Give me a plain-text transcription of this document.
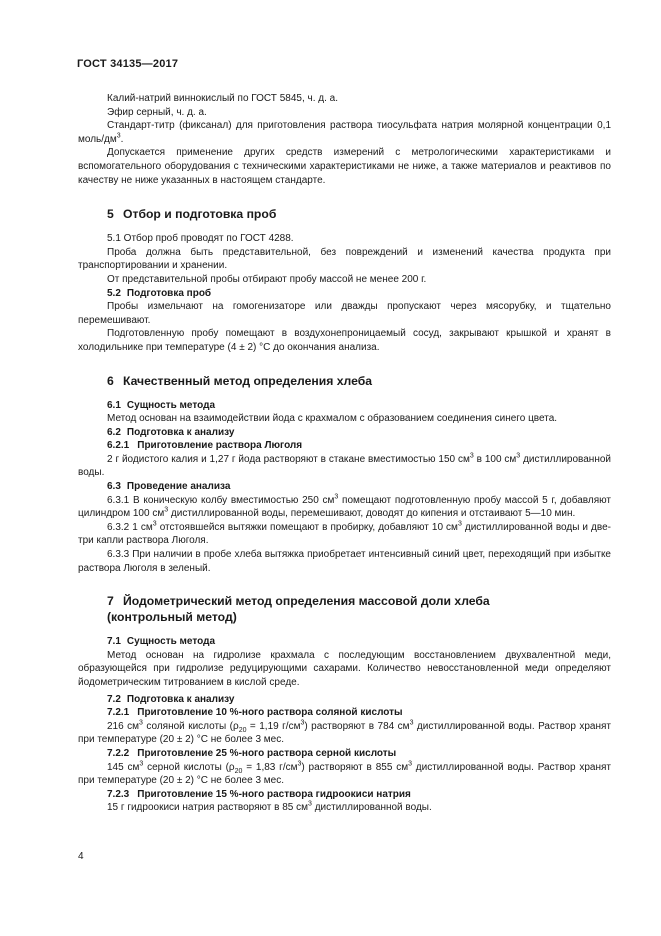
ГОСТ 34135—2017

Калий-натрий виннокислый по ГОСТ 5845, ч. д. а.

Эфир серный, ч. д. а.

Стандарт-титр (фиксанал) для приготовления раствора тиосульфата натрия молярной концентрации 0,1 моль/$дм^3$.

Допускается применение других средств измерений с метрологическими характеристиками и вспомогательного оборудования с техническими характеристиками не ниже, а также материалов и реактивов по качеству не ниже указанных в настоящем стандарте.

5 Отбор и подготовка проб

5.1 Отбор проб проводят по ГОСТ 4288.

Проба должна быть представительной, без повреждений и изменений качества продукта при транспортировании и хранении.

От представительной пробы отбирают пробу массой не менее 200 г.

5.2 Подготовка проб

Пробы измельчают на гомогенизаторе или дважды пропускают через мясорубку, и тщательно перемешивают.

Подготовленную пробу помещают в воздухонепроницаемый сосуд, закрывают крышкой и хранят в холодильнике при температуре (4 ± 2) °С до окончания анализа.

6 Качественный метод определения хлеба

6.1 Сущность метода

Метод основан на взаимодействии йода с крахмалом с образованием соединения синего цвета.

6.2 Подготовка к анализу

6.2.1 Приготовление раствора Люголя

2 г йодистого калия и 1,27 г йода растворяют в стакане вместимостью 150 $см^3$ в 100 $см^3$ дистиллированной воды.

6.3 Проведение анализа

6.3.1 В коническую колбу вместимостью 250 $см^3$ помещают подготовленную пробу массой 5 г, добавляют цилиндром 100 $см^3$ дистиллированной воды, перемешивают, доводят до кипения и отстаивают 5—10 мин.

6.3.2 1 $см^3$ отстоявшейся вытяжки помещают в пробирку, добавляют 10 $см^3$ дистиллированной воды и две-три капли раствора Люголя.

6.3.3 При наличии в пробе хлеба вытяжка приобретает интенсивный синий цвет, переходящий при избытке раствора Люголя в зеленый.

7 Йодометрический метод определения массовой доли хлеба
(контрольный метод)

7.1 Сущность метода

Метод основан на гидролизе крахмала с последующим восстановлением двухвалентной меди, образующейся при гидролизе редуцирующими сахарами. Количество невосстановленной меди определяют йодометрическим титрованием в кислой среде.

7.2 Подготовка к анализу

7.2.1 Приготовление 10 %-ного раствора соляной кислоты

216 $см^3$ соляной кислоты ($\rho_{20} = 1,19$ $г/см^3$) растворяют в 784 $см^3$ дистиллированной воды. Раствор хранят при температуре (20 ± 2) °С не более 3 мес.

7.2.2 Приготовление 25 %-ного раствора серной кислоты

145 $см^3$ серной кислоты ($\rho_{20} = 1,83$ $г/см^3$) растворяют в 855 $см^3$ дистиллированной воды. Раствор хранят при температуре (20 ± 2) °С не более 3 мес.

7.2.3 Приготовление 15 %-ного раствора гидроокиси натрия

15 г гидроокиси натрия растворяют в 85 $см^3$ дистиллированной воды.

4
